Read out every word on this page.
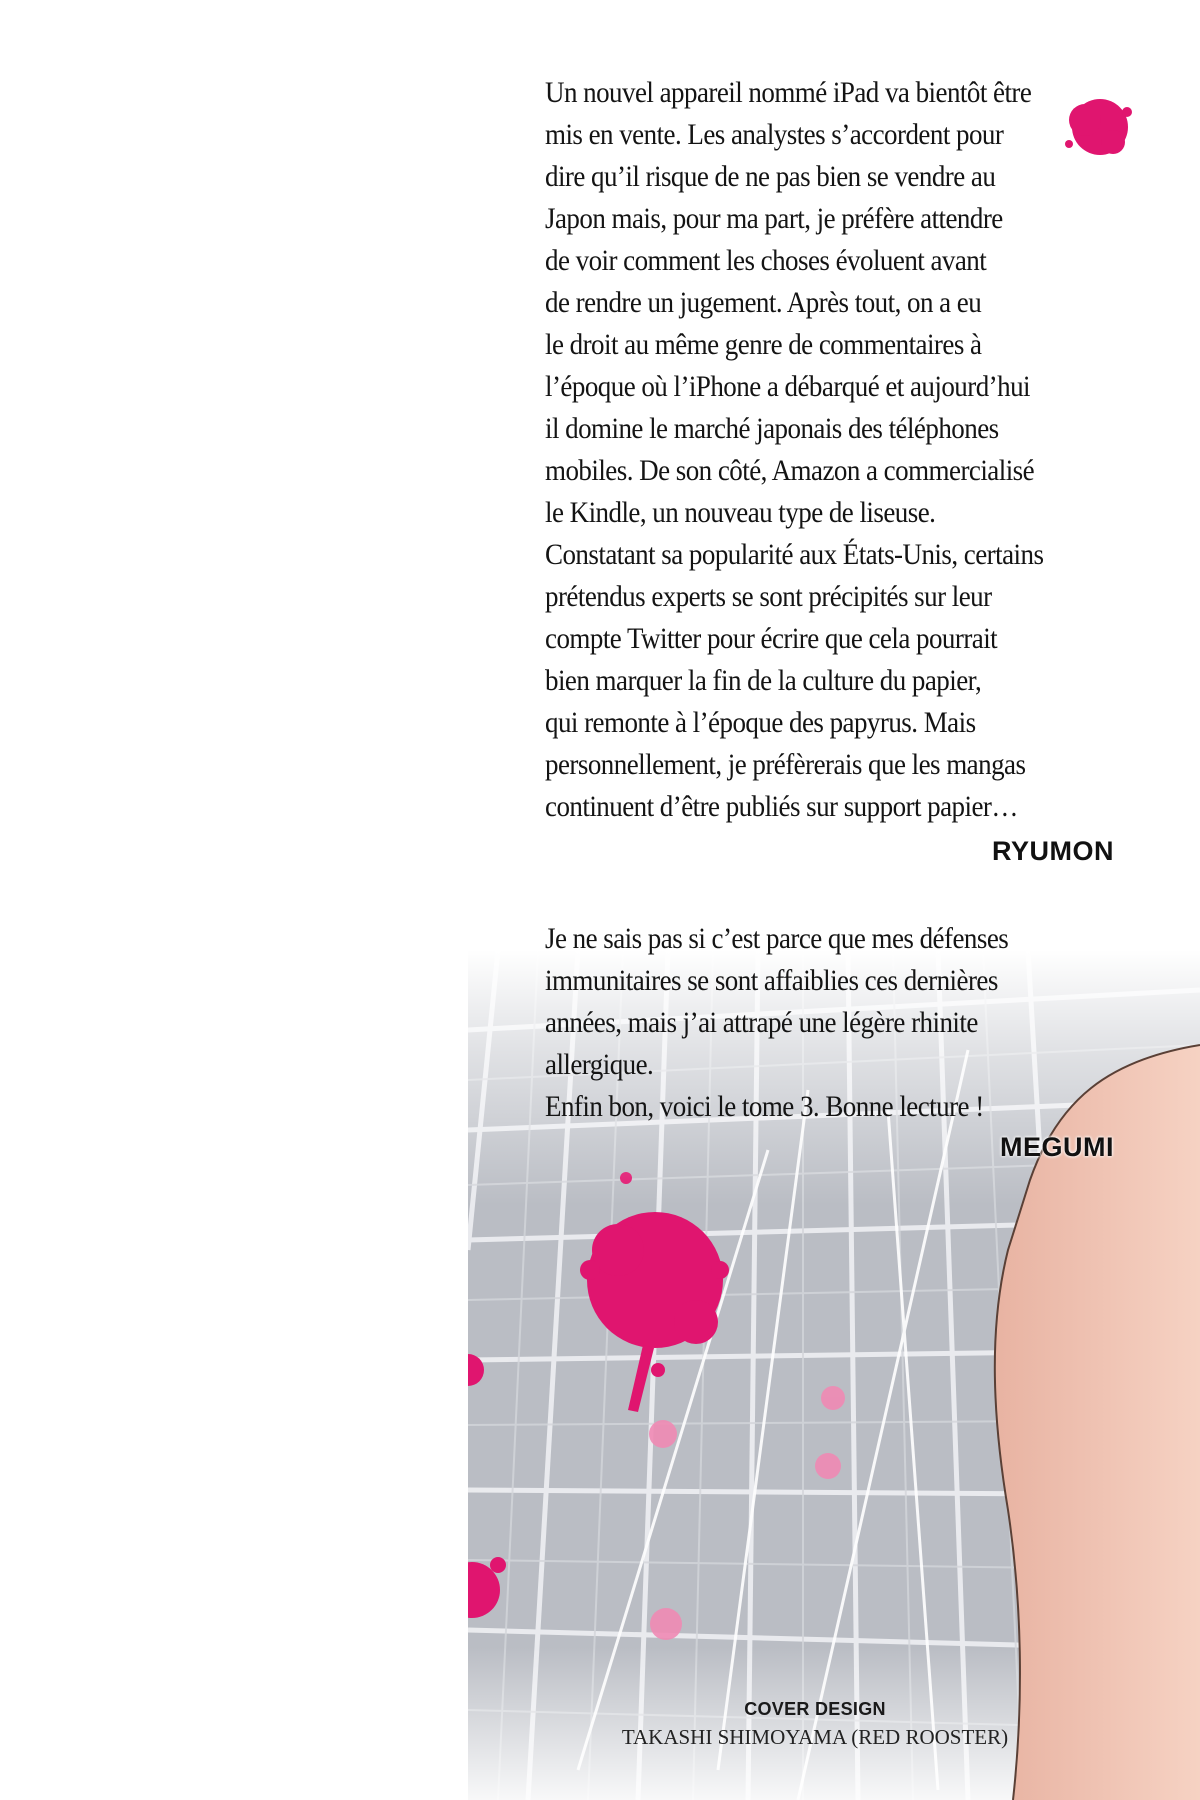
Un nouvel appareil nommé iPad va bientôt être
mis en vente. Les analystes s’accordent pour
dire qu’il risque de ne pas bien se vendre au
Japon mais, pour ma part, je préfère attendre
de voir comment les choses évoluent avant
de rendre un jugement. Après tout, on a eu
le droit au même genre de commentaires à
l’époque où l’iPhone a débarqué et aujourd’hui
il domine le marché japonais des téléphones
mobiles. De son côté, Amazon a commercialisé
le Kindle, un nouveau type de liseuse.
Constatant sa popularité aux États-Unis, certains
prétendus experts se sont précipités sur leur
compte Twitter pour écrire que cela pourrait
bien marquer la fin de la culture du papier,
qui remonte à l’époque des papyrus. Mais
personnellement, je préfèrerais que les mangas
continuent d’être publiés sur support papier…
RYUMON
Je ne sais pas si c’est parce que mes défenses
immunitaires se sont affaiblies ces dernières
années, mais j’ai attrapé une légère rhinite
allergique.
Enfin bon, voici le tome 3. Bonne lecture !
MEGUMI
COVER DESIGN
TAKASHI SHIMOYAMA (RED ROOSTER)
